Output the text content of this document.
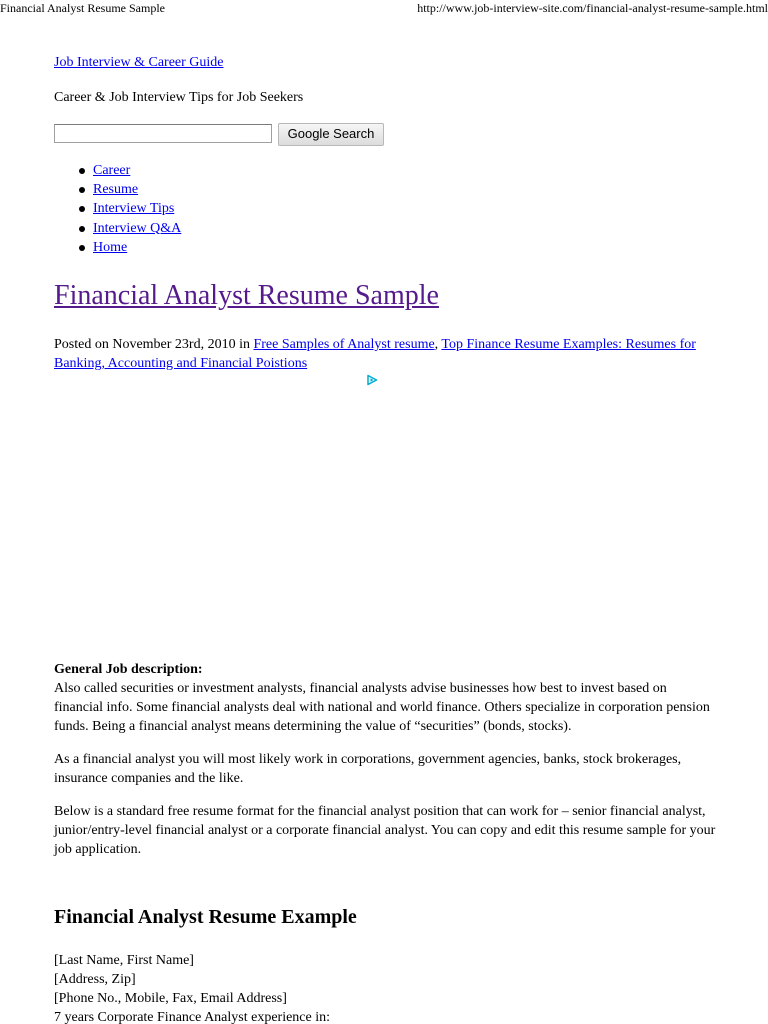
Financial Analyst Resume Sample	http://www.job-interview-site.com/financial-analyst-resume-sample.html
Job Interview & Career Guide
Career & Job Interview Tips for Job Seekers
Google Search
Career
Resume
Interview Tips
Interview Q&A
Home
Financial Analyst Resume Sample
Posted on November 23rd, 2010 in Free Samples of Analyst resume, Top Finance Resume Examples: Resumes for Banking, Accounting and Financial Poistions
General Job description:

Also called securities or investment analysts, financial analysts advise businesses how best to invest based on financial info. Some financial analysts deal with national and world finance. Others specialize in corporation pension funds. Being a financial analyst means determining the value of “securities” (bonds, stocks).

As a financial analyst you will most likely work in corporations, government agencies, banks, stock brokerages, insurance companies and the like.

Below is a standard free resume format for the financial analyst position that can work for – senior financial analyst, junior/entry-level financial analyst or a corporate financial analyst. You can copy and edit this resume sample for your job application.

Financial Analyst Resume Example
[Last Name, First Name]
[Address, Zip]
[Phone No., Mobile, Fax, Email Address]
7 years Corporate Finance Analyst experience in:
